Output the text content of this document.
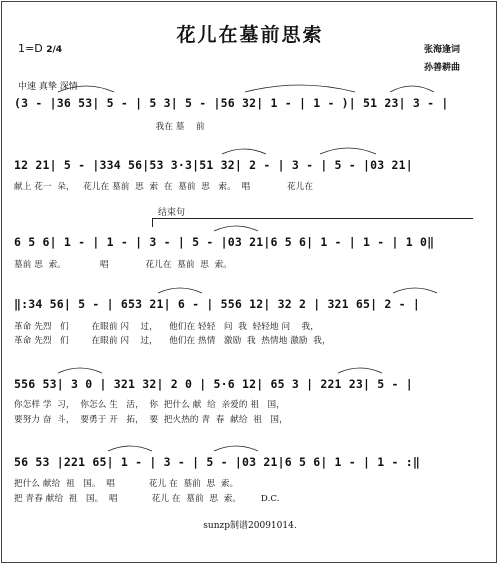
花儿在墓前思索
1=D 2/4	张海逢词
孙善耕曲
中速 真挚 深情
(3 - |36 53| 5 - | 5 3| 5 - |56 32| 1 - | 1 - )| 51 23| 3 - |
我在 墓    前
12 21| 5 - |334 56|53 3·3|51 32| 2 - | 3 - | 5 - |03 21|
献上 花一  朵，   花儿在 墓前  思  索  在  墓前  思   索。  唱             花儿在
结束句
6 5 6| 1 - | 1 - | 3 - | 5 - |03 21|6 5 6| 1 - | 1 - | 1 0‖
墓前 思  索。            唱             花儿在  墓前  思  索。
‖:34 56| 5 - | 653 21| 6 - | 556 12| 32 2 | 321 65| 2 - |
革命 先烈   们        在眼前 闪    过，    他们在 轻轻   问  我  轻轻地 问    我，
革命 先烈   们        在眼前 闪    过，    他们在 热情   激励  我  热情地 激励  我，
556 53| 3 0 | 321 32| 2 0 | 5·6 12| 65 3 | 221 23| 5 - |
你怎样 学  习，  你怎么 生   活，  你  把什么 献  给  亲爱的 祖   国，
要努力 奋  斗，  要勇于 开   拓，  要  把火热的 青  春  献给  祖   国，
56 53 |221 65| 1 - | 3 - | 5 - |03 21|6 5 6| 1 - | 1 - :‖
把什么 献给  祖   国。  唱            花儿 在  墓前  思  索。
把 青春 献给  祖   国。  唱            花儿 在  墓前  思  索。       D.C.
sunzp制谱20091014.
